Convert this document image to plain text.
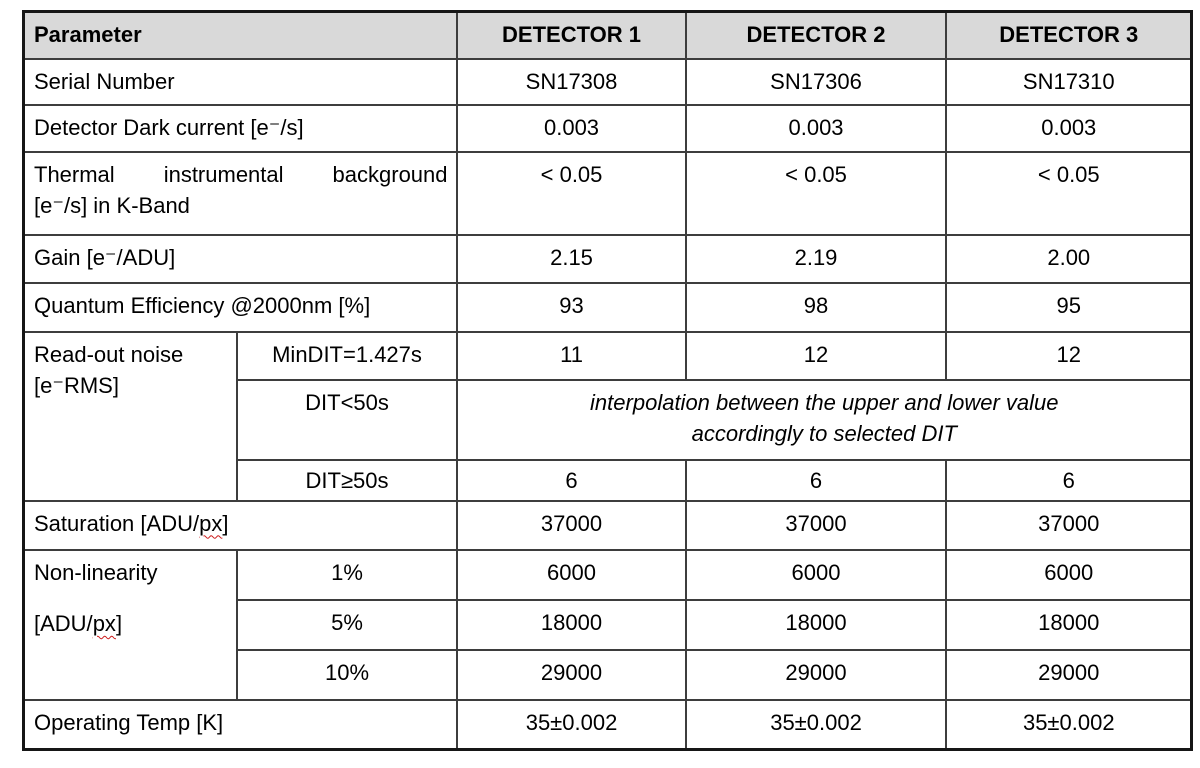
Parameter		DETECTOR 1	DETECTOR 2	DETECTOR 3
Serial Number		SN17308	SN17306	SN17310
Detector Dark current [e⁻/s]		0.003	0.003	0.003

Thermal instrumental background
[e⁻/s] in K-Band		< 0.05	< 0.05	< 0.05
Gain [e⁻/ADU]		2.15	2.19	2.00
Quantum Efficiency @2000nm [%]		93	98	95

Read-out noise
[e⁻RMS]	MinDIT=1.427s	11	12	12
	DIT<50s	interpolation between the upper and lower value
accordingly to selected DIT		

	DIT≥50s	6	6	6
Saturation [ADU/px]		37000	37000	37000

Non-linearity
[ADU/px]	1%	6000	6000	6000
	5%	18000	18000	18000
	10%	29000	29000	29000
Operating Temp [K]		35±0.002	35±0.002	35±0.002
